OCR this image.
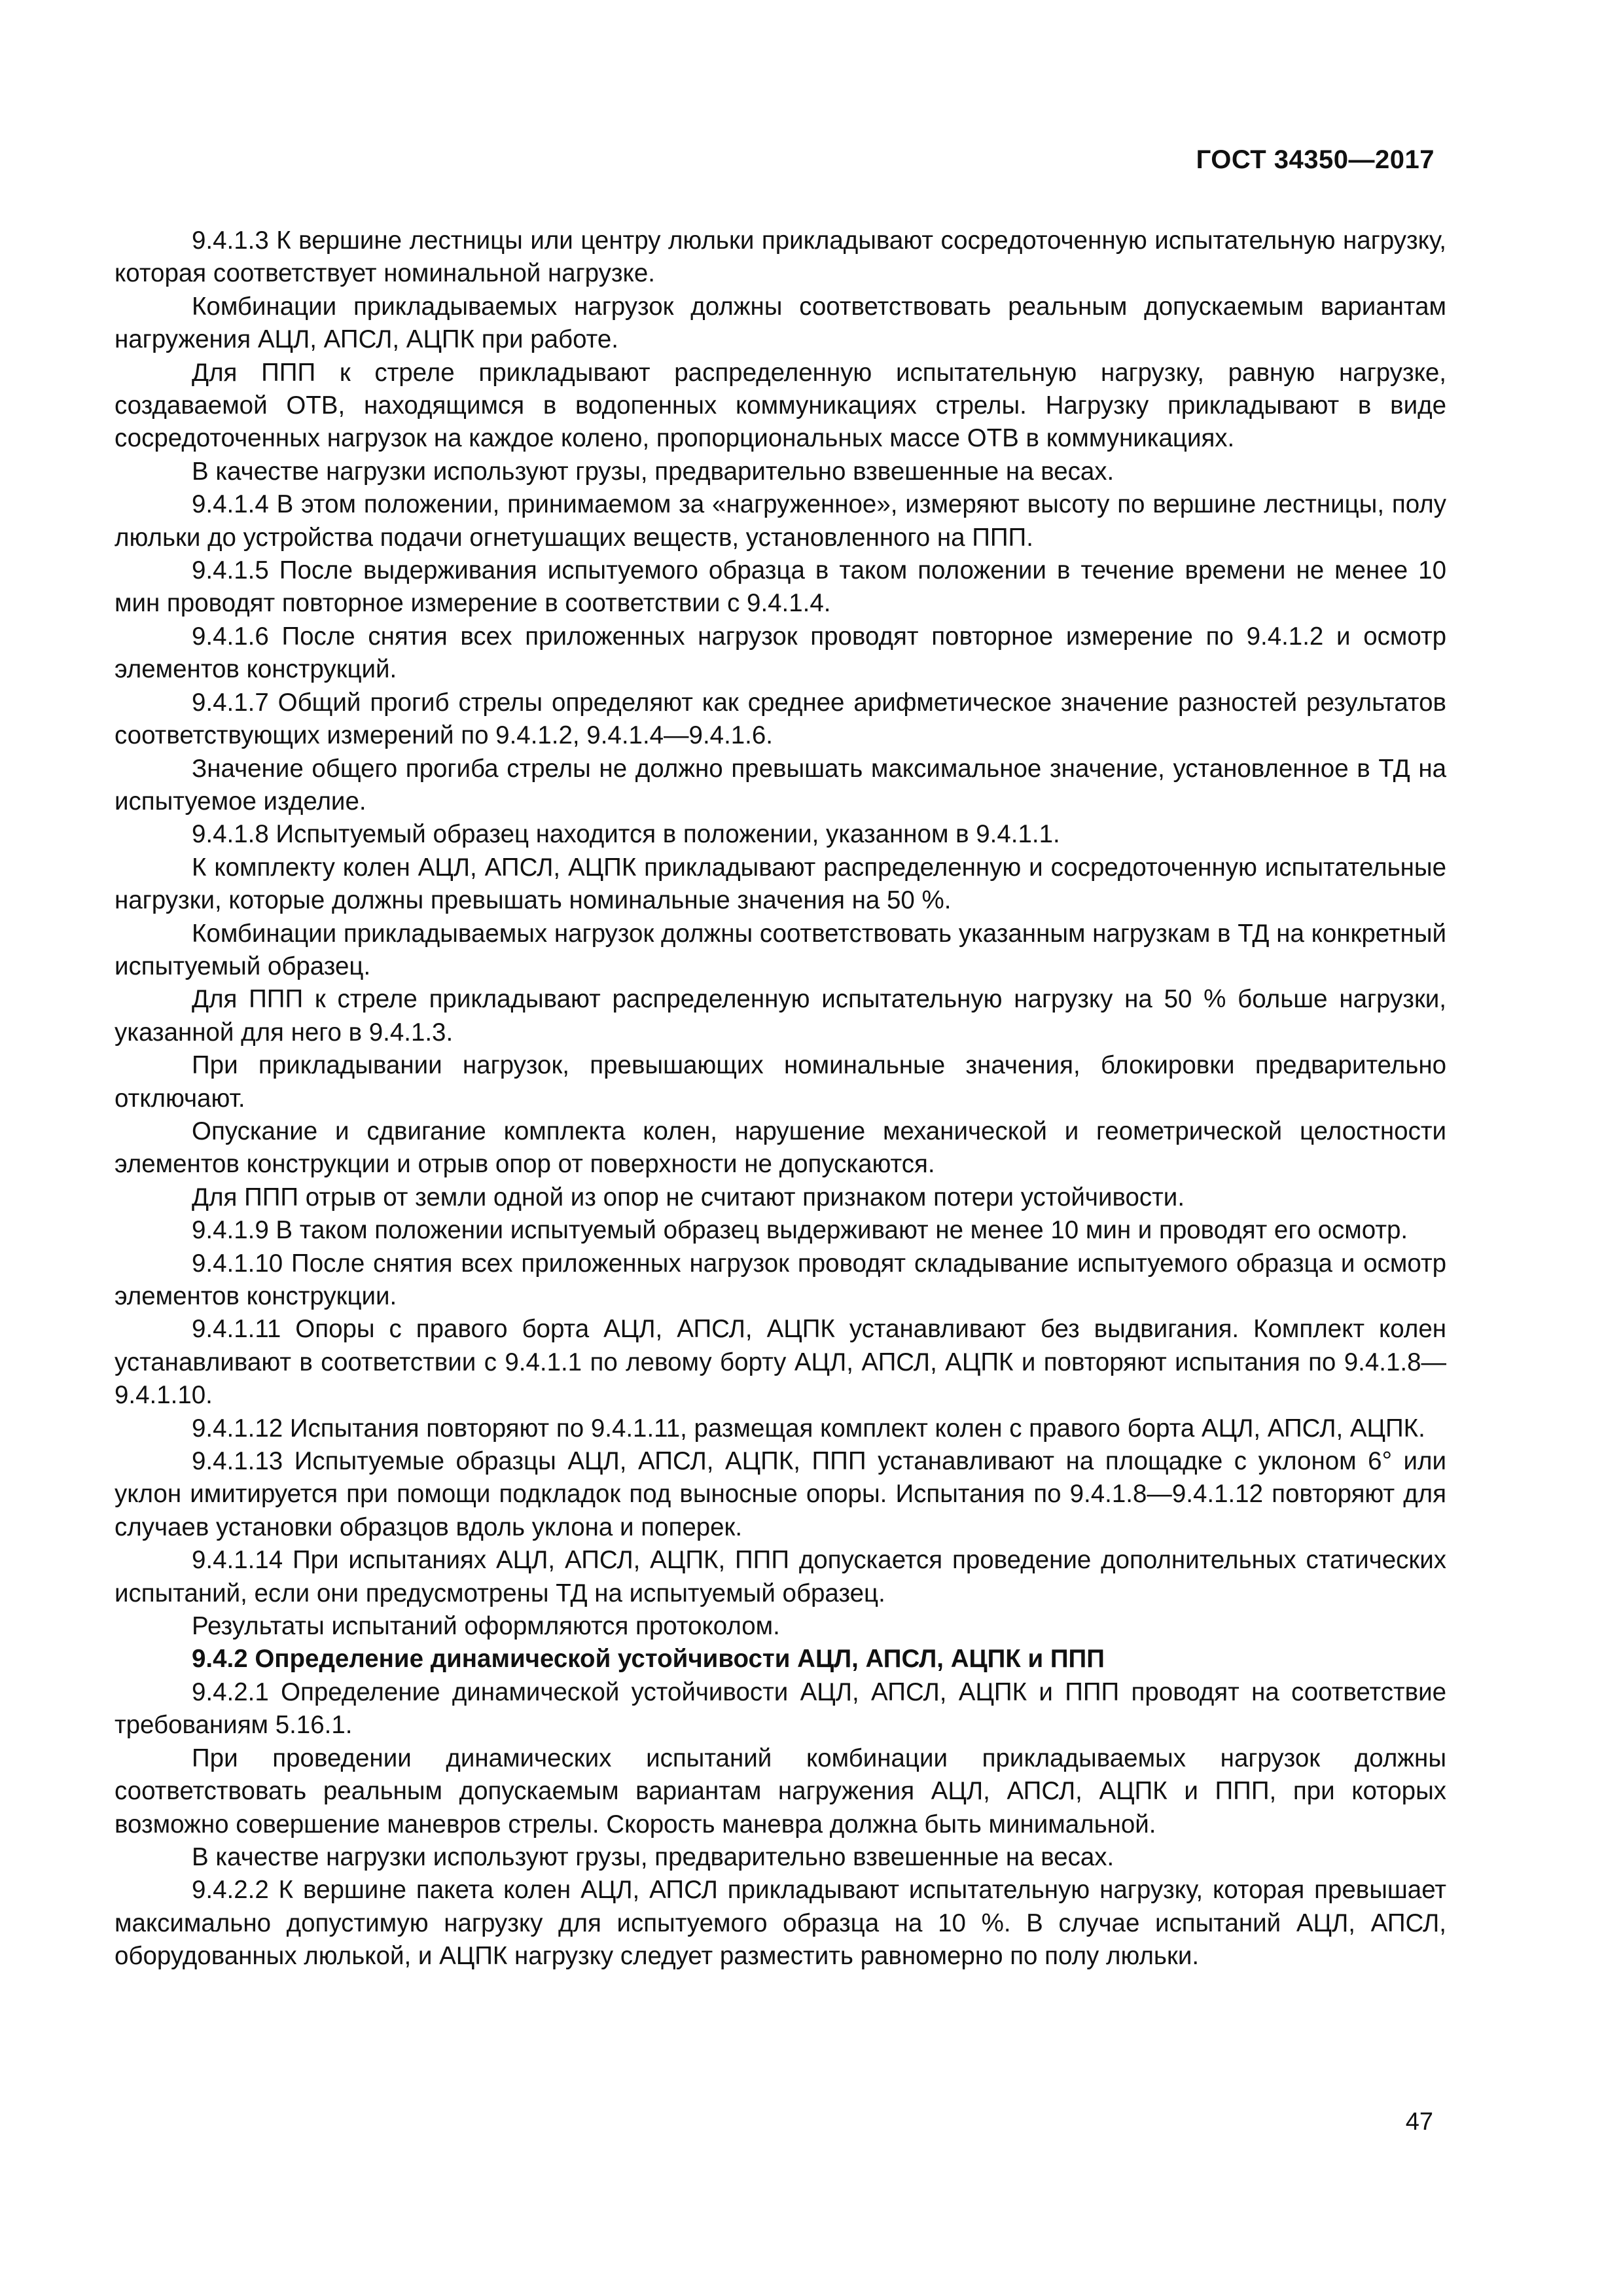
ГОСТ 34350—2017

9.4.1.3 К вершине лестницы или центру люльки прикладывают сосредоточенную испытательную нагрузку, которая соответствует номинальной нагрузке.

Комбинации прикладываемых нагрузок должны соответствовать реальным допускаемым вариантам нагружения АЦЛ, АПСЛ, АЦПК при работе.

Для ППП к стреле прикладывают распределенную испытательную нагрузку, равную нагрузке, создаваемой ОТВ, находящимся в водопенных коммуникациях стрелы. Нагрузку прикладывают в виде сосредоточенных нагрузок на каждое колено, пропорциональных массе ОТВ в коммуникациях.

В качестве нагрузки используют грузы, предварительно взвешенные на весах.

9.4.1.4 В этом положении, принимаемом за «нагруженное», измеряют высоту по вершине лестницы, полу люльки до устройства подачи огнетушащих веществ, установленного на ППП.

9.4.1.5 После выдерживания испытуемого образца в таком положении в течение времени не менее 10 мин проводят повторное измерение в соответствии с 9.4.1.4.

9.4.1.6 После снятия всех приложенных нагрузок проводят повторное измерение по 9.4.1.2 и осмотр элементов конструкций.

9.4.1.7 Общий прогиб стрелы определяют как среднее арифметическое значение разностей результатов соответствующих измерений по 9.4.1.2, 9.4.1.4—9.4.1.6.

Значение общего прогиба стрелы не должно превышать максимальное значение, установленное в ТД на испытуемое изделие.

9.4.1.8 Испытуемый образец находится в положении, указанном в 9.4.1.1.

К комплекту колен АЦЛ, АПСЛ, АЦПК прикладывают распределенную и сосредоточенную испытательные нагрузки, которые должны превышать номинальные значения на 50 %.

Комбинации прикладываемых нагрузок должны соответствовать указанным нагрузкам в ТД на конкретный испытуемый образец.

Для ППП к стреле прикладывают распределенную испытательную нагрузку на 50 % больше нагрузки, указанной для него в 9.4.1.3.

При прикладывании нагрузок, превышающих номинальные значения, блокировки предварительно отключают.

Опускание и сдвигание комплекта колен, нарушение механической и геометрической целостности элементов конструкции и отрыв опор от поверхности не допускаются.

Для ППП отрыв от земли одной из опор не считают признаком потери устойчивости.

9.4.1.9 В таком положении испытуемый образец выдерживают не менее 10 мин и проводят его осмотр.

9.4.1.10 После снятия всех приложенных нагрузок проводят складывание испытуемого образца и осмотр элементов конструкции.

9.4.1.11 Опоры с правого борта АЦЛ, АПСЛ, АЦПК устанавливают без выдвигания. Комплект колен устанавливают в соответствии с 9.4.1.1 по левому борту АЦЛ, АПСЛ, АЦПК и повторяют испытания по 9.4.1.8—9.4.1.10.

9.4.1.12 Испытания повторяют по 9.4.1.11, размещая комплект колен с правого борта АЦЛ, АПСЛ, АЦПК.

9.4.1.13 Испытуемые образцы АЦЛ, АПСЛ, АЦПК, ППП устанавливают на площадке с уклоном 6° или уклон имитируется при помощи подкладок под выносные опоры. Испытания по 9.4.1.8—9.4.1.12 повторяют для случаев установки образцов вдоль уклона и поперек.

9.4.1.14 При испытаниях АЦЛ, АПСЛ, АЦПК, ППП допускается проведение дополнительных статических испытаний, если они предусмотрены ТД на испытуемый образец.

Результаты испытаний оформляются протоколом.

9.4.2 Определение динамической устойчивости АЦЛ, АПСЛ, АЦПК и ППП

9.4.2.1 Определение динамической устойчивости АЦЛ, АПСЛ, АЦПК и ППП проводят на соответствие требованиям 5.16.1.

При проведении динамических испытаний комбинации прикладываемых нагрузок должны соответствовать реальным допускаемым вариантам нагружения АЦЛ, АПСЛ, АЦПК и ППП, при которых возможно совершение маневров стрелы. Скорость маневра должна быть минимальной.

В качестве нагрузки используют грузы, предварительно взвешенные на весах.

9.4.2.2 К вершине пакета колен АЦЛ, АПСЛ прикладывают испытательную нагрузку, которая превышает максимально допустимую нагрузку для испытуемого образца на 10 %. В случае испытаний АЦЛ, АПСЛ, оборудованных люлькой, и АЦПК нагрузку следует разместить равномерно по полу люльки.

47
